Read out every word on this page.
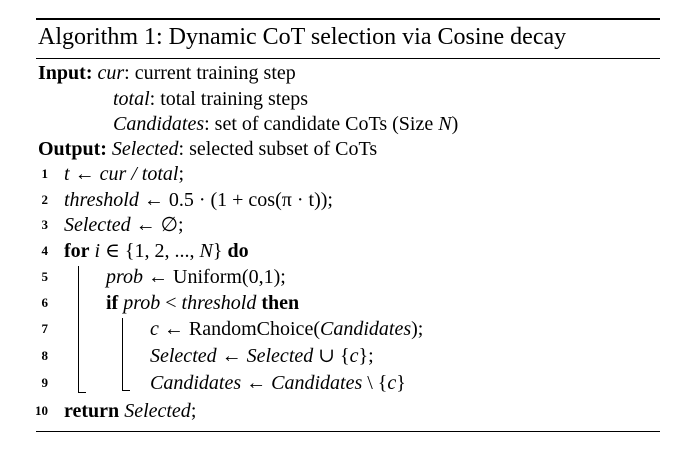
Algorithm 1: Dynamic CoT selection via Cosine decay
Input: cur: current training step
total: total training steps
Candidates: set of candidate CoTs (Size N)
Output: Selected: selected subset of CoTs
1 t ← cur / total;
2 threshold ← 0.5 · (1 + cos(π · t));
3 Selected ← ∅;
4 for i ∈ {1, 2, ..., N} do
5	prob ← Uniform(0,1);
6	if prob < threshold then
7	c ← RandomChoice(Candidates);
8	Selected ← Selected ∪ {c};
9	Candidates ← Candidates \ {c}
10 return Selected;
